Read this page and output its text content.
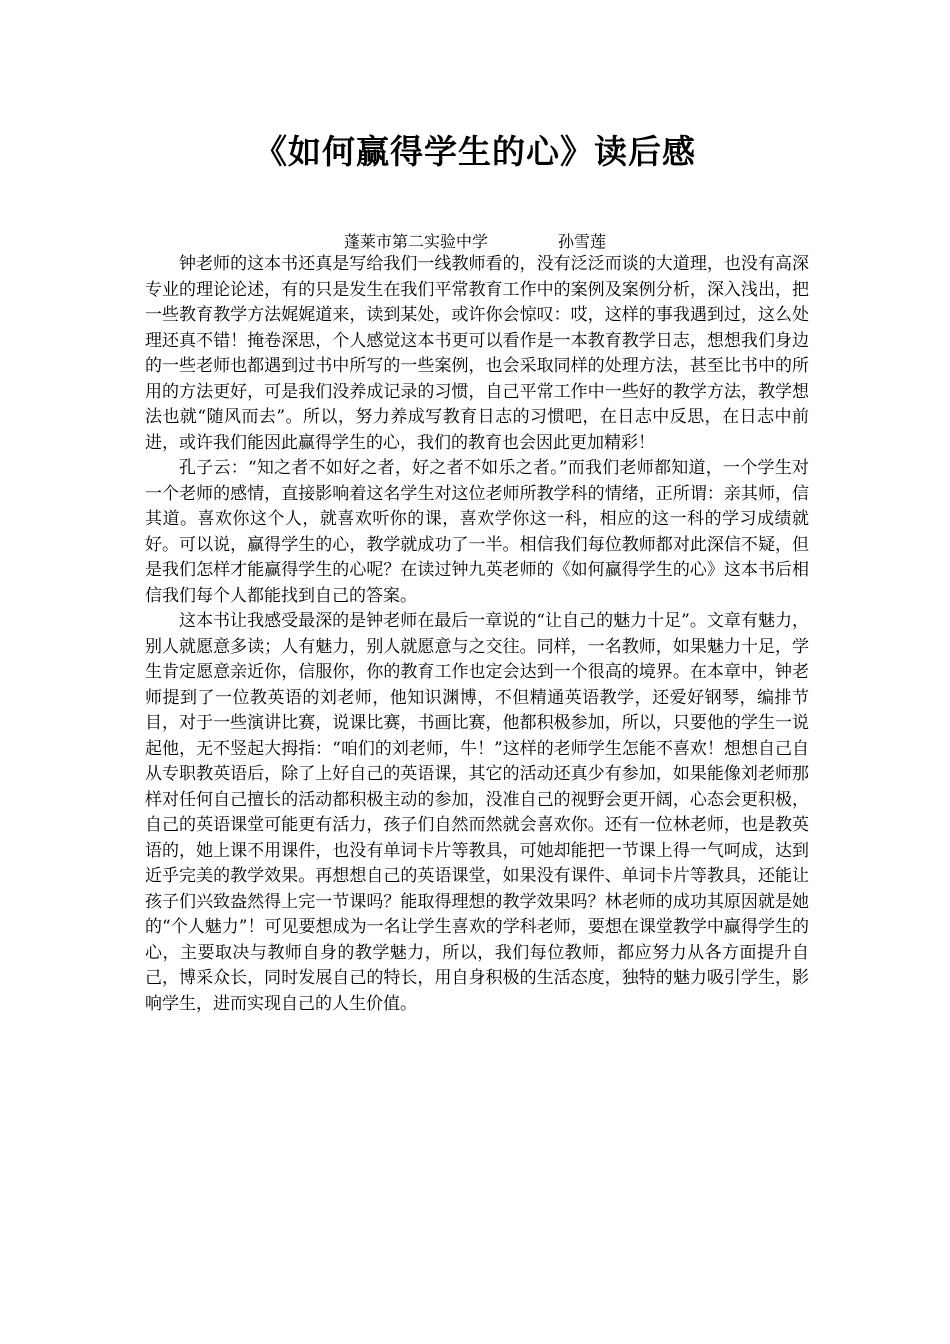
《如何赢得学生的心》读后感
蓬莱市第二实验中学	孙雪莲

钟老师的这本书还真是写给我们一线教师看的，没有泛泛而谈的大道理，也没有高深专业的理论论述，有的只是发生在我们平常教育工作中的案例及案例分析，深入浅出，把一些教育教学方法娓娓道来，读到某处，或许你会惊叹：哎，这样的事我遇到过，这么处理还真不错！掩卷深思，个人感觉这本书更可以看作是一本教育教学日志，想想我们身边的一些老师也都遇到过书中所写的一些案例，也会采取同样的处理方法，甚至比书中的所用的方法更好，可是我们没养成记录的习惯，自己平常工作中一些好的教学方法，教学想法也就“随风而去”。所以，努力养成写教育日志的习惯吧，在日志中反思，在日志中前进，或许我们能因此赢得学生的心，我们的教育也会因此更加精彩！

孔子云：“知之者不如好之者，好之者不如乐之者。”而我们老师都知道，一个学生对一个老师的感情，直接影响着这名学生对这位老师所教学科的情绪，正所谓：亲其师，信其道。喜欢你这个人，就喜欢听你的课，喜欢学你这一科，相应的这一科的学习成绩就好。可以说，赢得学生的心，教学就成功了一半。相信我们每位教师都对此深信不疑，但是我们怎样才能赢得学生的心呢？在读过钟九英老师的《如何赢得学生的心》这本书后相信我们每个人都能找到自己的答案。

这本书让我感受最深的是钟老师在最后一章说的“让自己的魅力十足”。文章有魅力，别人就愿意多读；人有魅力，别人就愿意与之交往。同样，一名教师，如果魅力十足，学生肯定愿意亲近你，信服你，你的教育工作也定会达到一个很高的境界。在本章中，钟老师提到了一位教英语的刘老师，他知识渊博，不但精通英语教学，还爱好钢琴，编排节目，对于一些演讲比赛，说课比赛，书画比赛，他都积极参加，所以，只要他的学生一说起他，无不竖起大拇指：“咱们的刘老师，牛！”这样的老师学生怎能不喜欢！想想自己自从专职教英语后，除了上好自己的英语课，其它的活动还真少有参加，如果能像刘老师那样对任何自己擅长的活动都积极主动的参加，没准自己的视野会更开阔，心态会更积极，自己的英语课堂可能更有活力，孩子们自然而然就会喜欢你。还有一位林老师，也是教英语的，她上课不用课件，也没有单词卡片等教具，可她却能把一节课上得一气呵成，达到近乎完美的教学效果。再想想自己的英语课堂，如果没有课件、单词卡片等教具，还能让孩子们兴致盎然得上完一节课吗？能取得理想的教学效果吗？林老师的成功其原因就是她的“个人魅力”！可见要想成为一名让学生喜欢的学科老师，要想在课堂教学中赢得学生的心，主要取决与教师自身的教学魅力，所以，我们每位教师，都应努力从各方面提升自己，博采众长，同时发展自己的特长，用自身积极的生活态度，独特的魅力吸引学生，影响学生，进而实现自己的人生价值。
